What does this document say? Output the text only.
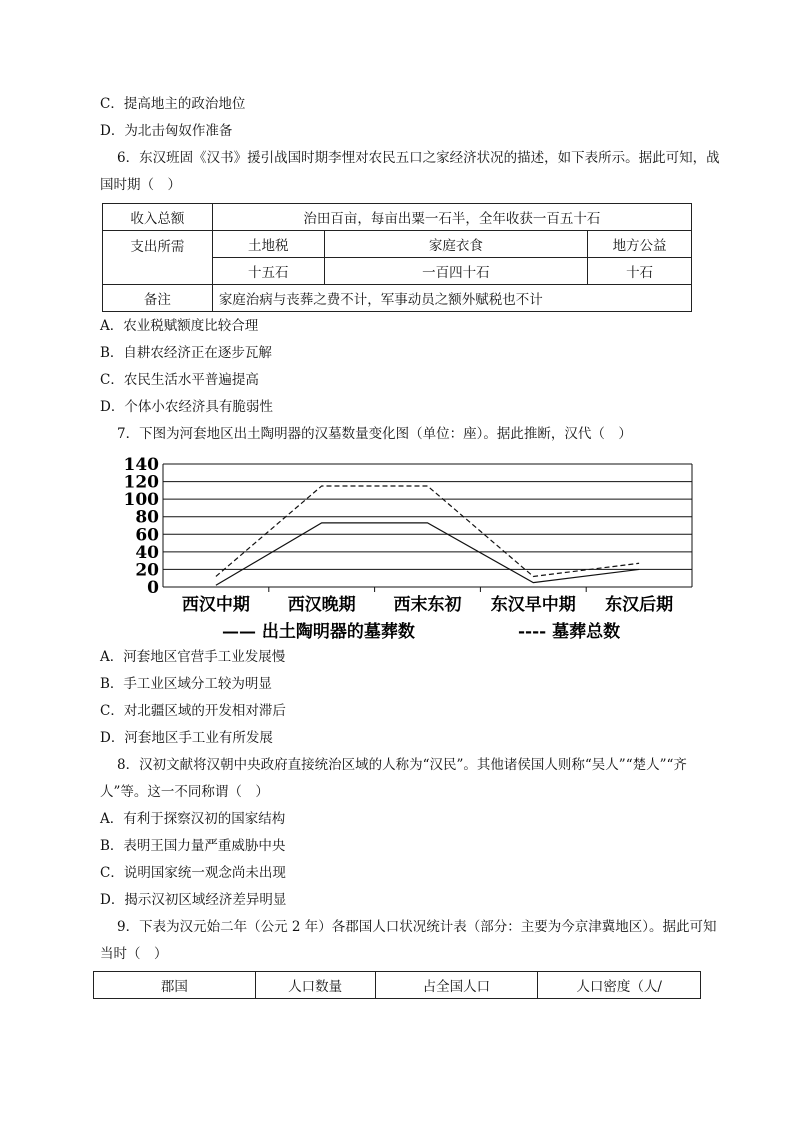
C．提高地主的政治地位
D．为北击匈奴作准备
6．东汉班固《汉书》援引战国时期李悝对农民五口之家经济状况的描述，如下表所示。据此可知，战
国时期（　）
收入总额	治田百亩，每亩出粟一石半，全年收获一百五十石		
支出所需	土地税	家庭衣食	地方公益
	十五石	一百四十石	十石
备注	家庭治病与丧葬之费不计，军事动员之额外赋税也不计		
A．农业税赋额度比较合理
B．自耕农经济正在逐步瓦解
C．农民生活水平普遍提高
D．个体小农经济具有脆弱性
7．下图为河套地区出土陶明器的汉墓数量变化图（单位：座）。据此推断，汉代（　）
0
20
40
60
80
100
120
140
西汉中期 西汉晚期 西末东初 东汉早中期 东汉后期
—— 出土陶明器的墓葬数	---- 墓葬总数
A．河套地区官营手工业发展慢
B．手工业区域分工较为明显
C．对北疆区域的开发相对滞后
D．河套地区手工业有所发展
8．汉初文献将汉朝中央政府直接统治区域的人称为“汉民”。其他诸侯国人则称“吴人”“楚人”“齐
人”等。这一不同称谓（　）
A．有利于探察汉初的国家结构
B．表明王国力量严重威胁中央
C．说明国家统一观念尚未出现
D．揭示汉初区域经济差异明显
9．下表为汉元始二年（公元 2 年）各郡国人口状况统计表（部分：主要为今京津冀地区）。据此可知
当时（　）
郡国	人口数量	占全国人口	人口密度（人/
